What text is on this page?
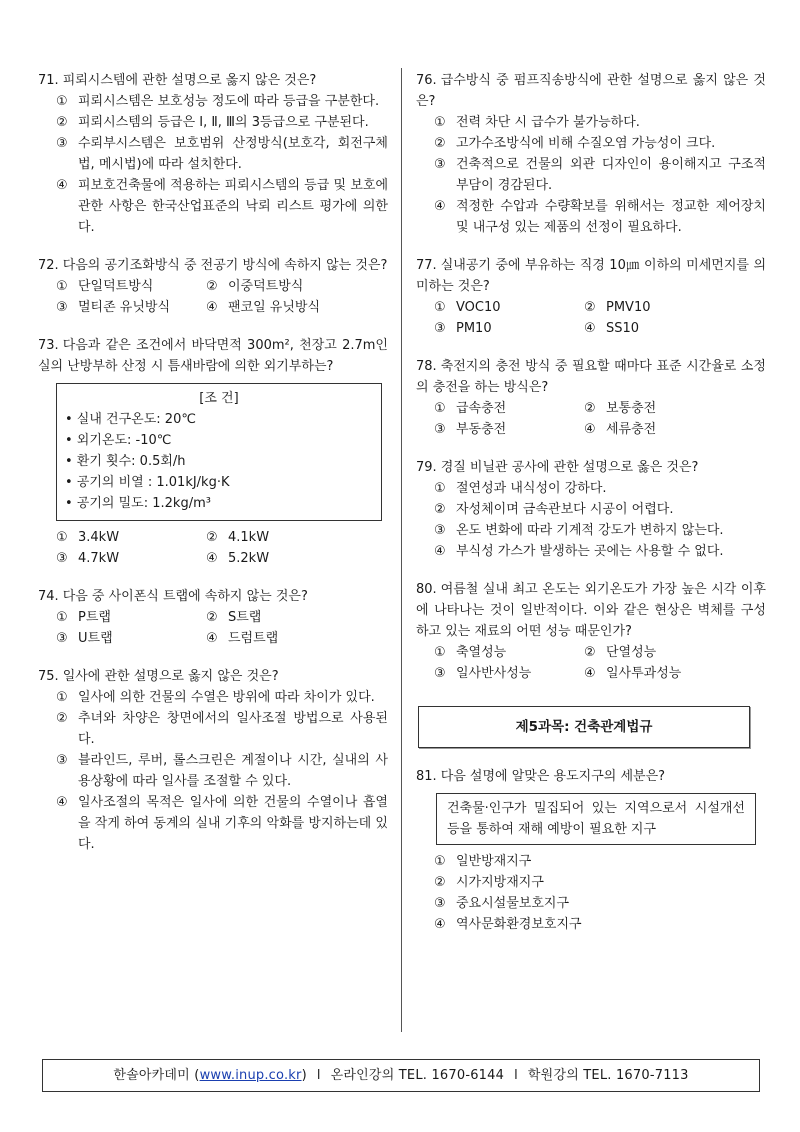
71. 피뢰시스템에 관한 설명으로 옳지 않은 것은?
① 피뢰시스템은 보호성능 정도에 따라 등급을 구분한다.
② 피뢰시스템의 등급은 Ⅰ, Ⅱ, Ⅲ의 3등급으로 구분된다.
③ 수뢰부시스템은 보호범위 산정방식(보호각, 회전구체법, 메시법)에 따라 설치한다.
④ 피보호건축물에 적용하는 피뢰시스템의 등급 및 보호에 관한 사항은 한국산업표준의 낙뢰 리스트 평가에 의한다.
72. 다음의 공기조화방식 중 전공기 방식에 속하지 않는 것은?
① 단일덕트방식	② 이중덕트방식
③ 멀티존 유닛방식	④ 팬코일 유닛방식
73. 다음과 같은 조건에서 바닥면적 300m², 천장고 2.7m인 실의 난방부하 산정 시 틈새바람에 의한 외기부하는?
[조 건]
• 실내 건구온도: 20℃
• 외기온도: -10℃
• 환기 횟수: 0.5회/h
• 공기의 비열 : 1.01kJ/kg·K
• 공기의 밀도: 1.2kg/m³
① 3.4kW	② 4.1kW
③ 4.7kW	④ 5.2kW
74. 다음 중 사이폰식 트랩에 속하지 않는 것은?
① P트랩	② S트랩
③ U트랩	④ 드럼트랩
75. 일사에 관한 설명으로 옳지 않은 것은?
① 일사에 의한 건물의 수열은 방위에 따라 차이가 있다.
② 추녀와 차양은 창면에서의 일사조절 방법으로 사용된다.
③ 블라인드, 루버, 롤스크린은 계절이나 시간, 실내의 사용상황에 따라 일사를 조절할 수 있다.
④ 일사조절의 목적은 일사에 의한 건물의 수열이나 흡열을 작게 하여 동계의 실내 기후의 악화를 방지하는데 있다.
76. 급수방식 중 펌프직송방식에 관한 설명으로 옳지 않은 것은?
① 전력 차단 시 급수가 불가능하다.
② 고가수조방식에 비해 수질오염 가능성이 크다.
③ 건축적으로 건물의 외관 디자인이 용이해지고 구조적 부담이 경감된다.
④ 적정한 수압과 수량확보를 위해서는 정교한 제어장치 및 내구성 있는 제품의 선정이 필요하다.
77. 실내공기 중에 부유하는 직경 10㎛ 이하의 미세먼지를 의미하는 것은?
① VOC10	② PMV10
③ PM10	④ SS10
78. 축전지의 충전 방식 중 필요할 때마다 표준 시간율로 소정의 충전을 하는 방식은?
① 급속충전	② 보통충전
③ 부동충전	④ 세류충전
79. 경질 비닐관 공사에 관한 설명으로 옳은 것은?
① 절연성과 내식성이 강하다.
② 자성체이며 금속관보다 시공이 어렵다.
③ 온도 변화에 따라 기계적 강도가 변하지 않는다.
④ 부식성 가스가 발생하는 곳에는 사용할 수 없다.
80. 여름철 실내 최고 온도는 외기온도가 가장 높은 시각 이후에 나타나는 것이 일반적이다. 이와 같은 현상은 벽체를 구성하고 있는 재료의 어떤 성능 때문인가?
① 축열성능	② 단열성능
③ 일사반사성능	④ 일사투과성능
제5과목: 건축관계법규
81. 다음 설명에 알맞은 용도지구의 세분은?
건축물·인구가 밀집되어 있는 지역으로서 시설개선 등을 통하여 재해 예방이 필요한 지구
① 일반방재지구
② 시가지방재지구
③ 중요시설물보호지구
④ 역사문화환경보호지구
한솔아카데미 (www.inup.co.kr) l 온라인강의 TEL. 1670-6144 l 학원강의 TEL. 1670-7113
